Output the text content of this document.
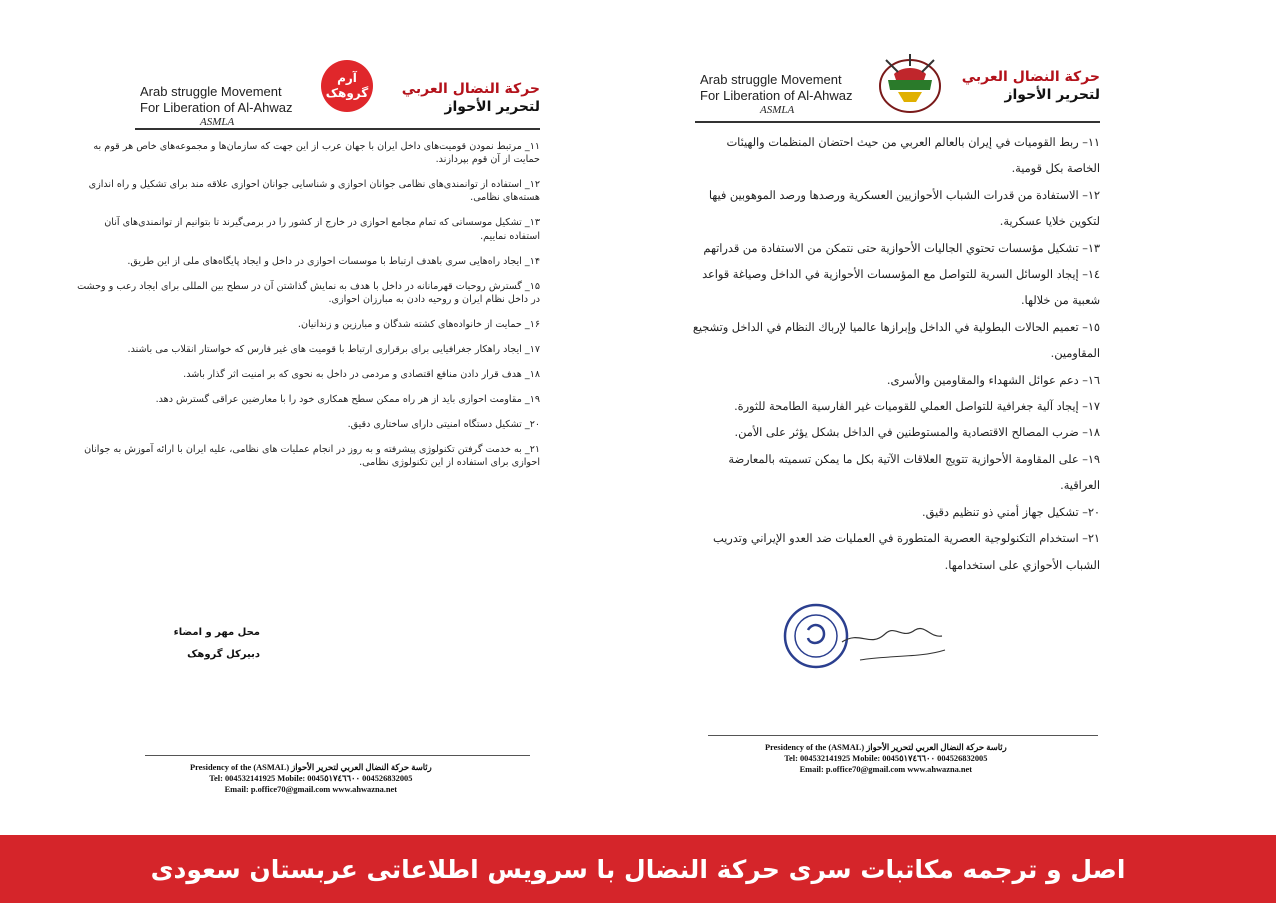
Arab struggle Movement
For Liberation of Al-Ahwaz
ASMLA
آرم
گروهک	حركة النضال العربي
لتحرير الأحواز

۱۱_ مرتبط نمودن قومیت‌های داخل ایران با جهان عرب از این جهت که سازمان‌ها و مجموعه‌های خاص هر قوم به حمایت از آن قوم بپردازند.

۱۲_ استفاده از توانمندی‌های نظامی جوانان احوازی و شناسایی جوانان احوازی علاقه مند برای تشکیل و راه اندازی هسته‌های نظامی.

۱۳_ تشکیل موسساتی که تمام مجامع احوازی در خارج از کشور را در برمی‌گیرند تا بتوانیم از توانمندی‌های آنان استفاده نماییم.

۱۴_ ایجاد راه‌هایی سری باهدف ارتباط با موسسات احوازی در داخل و ایجاد پایگاه‌های ملی از این طریق.

۱۵_ گسترش روحیات قهرمانانه در داخل با هدف به نمایش گذاشتن آن در سطح بین المللی برای ایجاد رعب و وحشت در داخل نظام ایران و روحیه دادن به مبارزان احوازی.

۱۶_ حمایت از خانواده‌های کشته شدگان و مبارزین و زندانیان.

۱۷_ ایجاد راهکار جغرافیایی برای برقراری ارتباط با قومیت های غیر فارس که خواستار انقلاب می باشند.

۱۸_ هدف قرار دادن منافع اقتصادی و مردمی در داخل به نحوی که بر امنیت اثر گذار باشد.

۱۹_ مقاومت احوازی باید از هر راه ممکن سطح همکاری خود را با معارضین عراقی گسترش دهد.

۲۰_ تشکیل دستگاه امنیتی دارای ساختاری دقیق.

۲۱_ به خدمت گرفتن تکنولوژی پیشرفته و به روز در انجام عملیات های نظامی، علیه ایران با ارائه آموزش به جوانان احوازی برای استفاده از این تکنولوژی نظامی.

محل مهر و امضاء
دبیرکل گروهک
Presidency of the (ASMAL) رئاسة حركة النضال العربي لتحرير الأحواز
Tel: 004532141925 Mobile: 0045٥١٧٤٦٦٠٠ 004526832005
Email: p.office70@gmail.com www.ahwazna.net
Arab struggle Movement
For Liberation of Al-Ahwaz
ASMLA
حركة النضال العربي
لتحرير الأحواز

١١– ربط القوميات في إيران بالعالم العربي من حيث احتضان المنظمات والهيئات

الخاصة بكل قومية.

١٢– الاستفادة من قدرات الشباب الأحوازيين العسكرية ورصدها ورصد الموهوبين فيها

لتكوين خلايا عسكرية.

١٣– تشكيل مؤسسات تحتوي الجاليات الأحوازية حتى نتمكن من الاستفادة من قدراتهم

١٤– إيجاد الوسائل السرية للتواصل مع المؤسسات الأحوازية في الداخل وصياغة قواعد

شعبية من خلالها.

١٥– تعميم الحالات البطولية في الداخل وإبرازها عالميا لإرباك النظام في الداخل وتشجيع

المقاومين.

١٦– دعم عوائل الشهداء والمقاومين والأسرى.

١٧– إيجاد آلية جغرافية للتواصل العملي للقوميات غير الفارسية الطامحة للثورة.

١٨– ضرب المصالح الاقتصادية والمستوطنين في الداخل بشكل يؤثر على الأمن.

١٩– على المقاومة الأحوازية تتويج العلاقات الآتية بكل ما يمكن تسميته بالمعارضة

العراقية.

٢٠– تشكيل جهاز أمني ذو تنظيم دقيق.

٢١– استخدام التكنولوجية العصرية المتطورة في العمليات ضد العدو الإيراني وتدريب

الشباب الأحوازي على استخدامها.

Presidency of the (ASMAL) رئاسة حركة النضال العربي لتحرير الأحواز
Tel: 004532141925 Mobile: 0045٥١٧٤٦٦٠٠ 004526832005
Email: p.office70@gmail.com www.ahwazna.net
اصل و ترجمه مکاتبات سری حرکة النضال با سرویس اطلاعاتی عربستان سعودی
